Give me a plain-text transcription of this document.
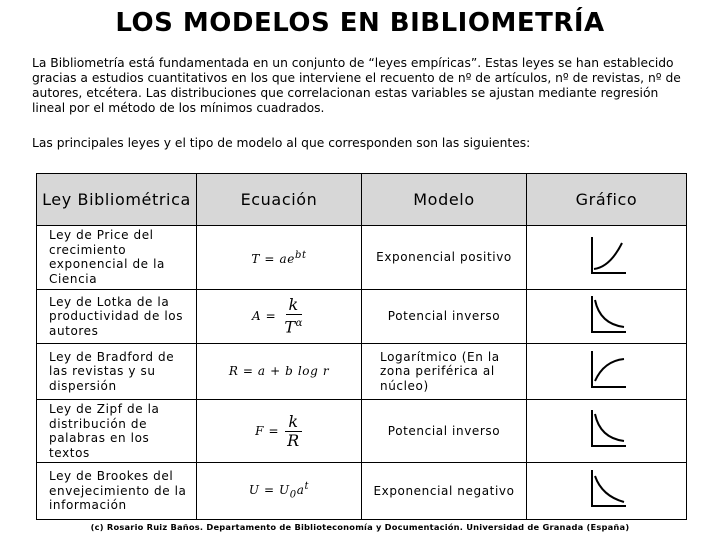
LOS MODELOS EN BIBLIOMETRÍA

La Bibliometría está fundamentada en un conjunto de “leyes empíricas”. Estas leyes se han establecido gracias a estudios cuantitativos en los que interviene el recuento de nº de artículos, nº de revistas, nº de autores, etcétera. Las distribuciones que correlacionan estas variables se ajustan mediante regresión lineal por el método de los mínimos cuadrados.

Las principales leyes y el tipo de modelo al que corresponden son las siguientes:

Ley Bibliométrica	Ecuación	Modelo	Gráfico
Ley de Price del crecimiento exponencial de la Ciencia	$T = ae^{bt}$	Exponencial positivo	
Ley de Lotka de la productividad de los autores	$A = \frac{k}{T^\alpha}$	Potencial inverso	
Ley de Bradford de las revistas y su dispersión	R = a + b log r	Logarítmico (En la zona periférica al núcleo)	
Ley de Zipf de la distribución de palabras en los textos	$F = \frac{k}{R}$	Potencial inverso	
Ley de Brookes del envejecimiento de la información	$U = U_0a^t$	Exponencial negativo	
(c) Rosario Ruiz Baños. Departamento de Biblioteconomía y Documentación. Universidad de Granada (España)
